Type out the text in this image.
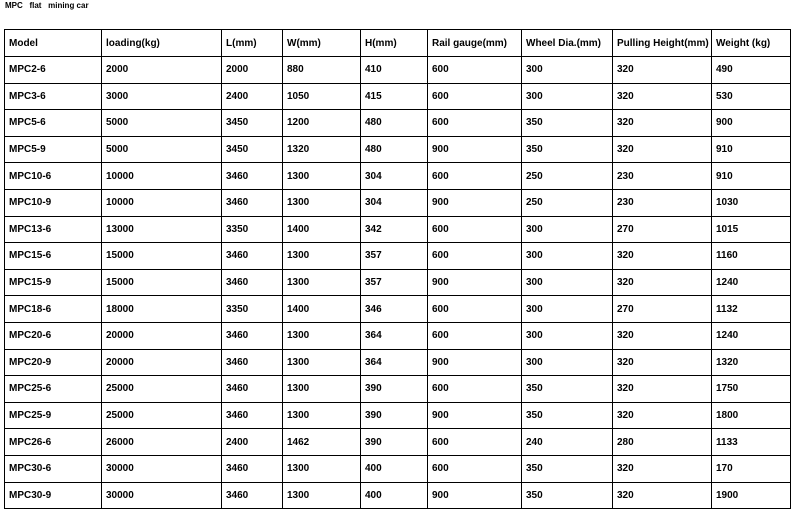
MPC   flat   mining car
Model	loading(kg)	L(mm)	W(mm)	H(mm)	Rail gauge(mm)	Wheel Dia.(mm)	Pulling Height(mm)	Weight (kg)
MPC2-6	2000	2000	880	410	600	300	320	490
MPC3-6	3000	2400	1050	415	600	300	320	530
MPC5-6	5000	3450	1200	480	600	350	320	900
MPC5-9	5000	3450	1320	480	900	350	320	910
MPC10-6	10000	3460	1300	304	600	250	230	910
MPC10-9	10000	3460	1300	304	900	250	230	1030
MPC13-6	13000	3350	1400	342	600	300	270	1015
MPC15-6	15000	3460	1300	357	600	300	320	1160
MPC15-9	15000	3460	1300	357	900	300	320	1240
MPC18-6	18000	3350	1400	346	600	300	270	1132
MPC20-6	20000	3460	1300	364	600	300	320	1240
MPC20-9	20000	3460	1300	364	900	300	320	1320
MPC25-6	25000	3460	1300	390	600	350	320	1750
MPC25-9	25000	3460	1300	390	900	350	320	1800
MPC26-6	26000	2400	1462	390	600	240	280	1133
MPC30-6	30000	3460	1300	400	600	350	320	170
MPC30-9	30000	3460	1300	400	900	350	320	1900
